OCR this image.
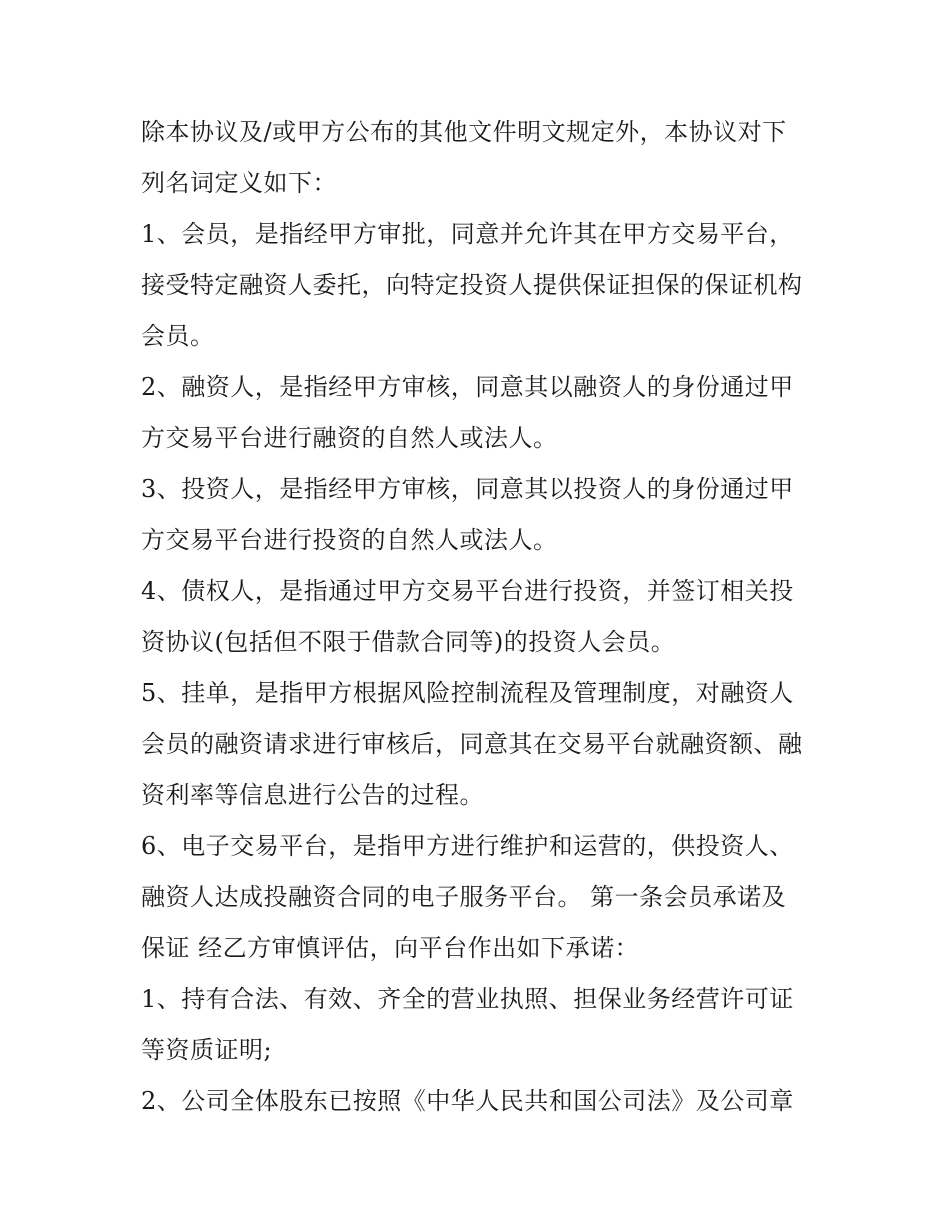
除本协议及/或甲方公布的其他文件明文规定外，本协议对下
列名词定义如下：
1、会员，是指经甲方审批，同意并允许其在甲方交易平台，
接受特定融资人委托，向特定投资人提供保证担保的保证机构
会员。
2、融资人，是指经甲方审核，同意其以融资人的身份通过甲
方交易平台进行融资的自然人或法人。
3、投资人，是指经甲方审核，同意其以投资人的身份通过甲
方交易平台进行投资的自然人或法人。
4、债权人，是指通过甲方交易平台进行投资，并签订相关投
资协议(包括但不限于借款合同等)的投资人会员。
5、挂单，是指甲方根据风险控制流程及管理制度，对融资人
会员的融资请求进行审核后，同意其在交易平台就融资额、融
资利率等信息进行公告的过程。
6、电子交易平台，是指甲方进行维护和运营的，供投资人、
融资人达成投融资合同的电子服务平台。 第一条会员承诺及
保证 经乙方审慎评估，向平台作出如下承诺：
1、持有合法、有效、齐全的营业执照、担保业务经营许可证
等资质证明;
2、公司全体股东已按照《中华人民共和国公司法》及公司章
